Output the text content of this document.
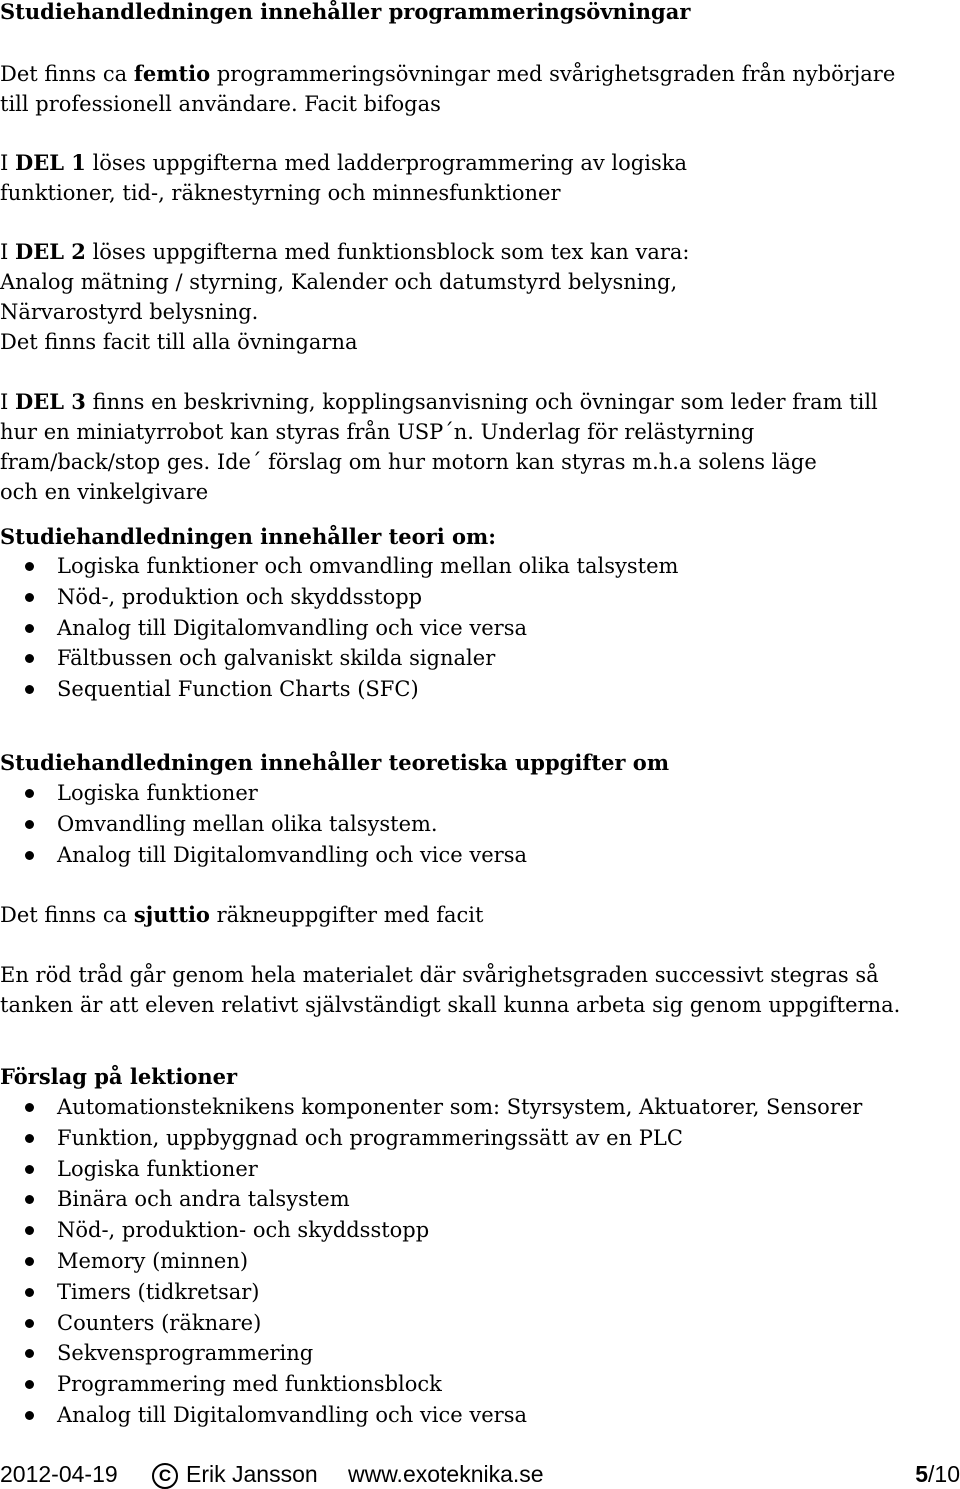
Studiehandledningen innehåller programmeringsövningar
Det finns ca femtio programmeringsövningar med svårighetsgraden från nybörjare
till professionell användare. Facit bifogas
I DEL 1 löses uppgifterna med ladderprogrammering av logiska
funktioner, tid-, räknestyrning och minnesfunktioner
I DEL 2 löses uppgifterna med funktionsblock som tex kan vara:
Analog mätning / styrning, Kalender och datumstyrd belysning,
Närvarostyrd belysning.
Det finns facit till alla övningarna
I DEL 3 finns en beskrivning, kopplingsanvisning och övningar som leder fram till
hur en miniatyrrobot kan styras från USP´n. Underlag för relästyrning
fram/back/stop ges. Ide´ förslag om hur motorn kan styras m.h.a solens läge
och en vinkelgivare
Studiehandledningen innehåller teori om:
Logiska funktioner och omvandling mellan olika talsystem
Nöd-, produktion och skyddsstopp
Analog till Digitalomvandling och vice versa
Fältbussen och galvaniskt skilda signaler
Sequential Function Charts (SFC)
Studiehandledningen innehåller teoretiska uppgifter om
Logiska funktioner
Omvandling mellan olika talsystem.
Analog till Digitalomvandling och vice versa
Det finns ca sjuttio räkneuppgifter med facit
En röd tråd går genom hela materialet där svårighetsgraden successivt stegras så
tanken är att eleven relativt självständigt skall kunna arbeta sig genom uppgifterna.
Förslag på lektioner
Automationsteknikens komponenter som: Styrsystem, Aktuatorer, Sensorer
Funktion, uppbyggnad och programmeringssätt av en PLC
Logiska funktioner
Binära och andra talsystem
Nöd-, produktion- och skyddsstopp
Memory (minnen)
Timers (tidkretsar)
Counters (räknare)
Sekvensprogrammering
Programmering med funktionsblock
Analog till Digitalomvandling och vice versa
2012-04-19	C Erik Jansson www.exoteknika.se	5/10
